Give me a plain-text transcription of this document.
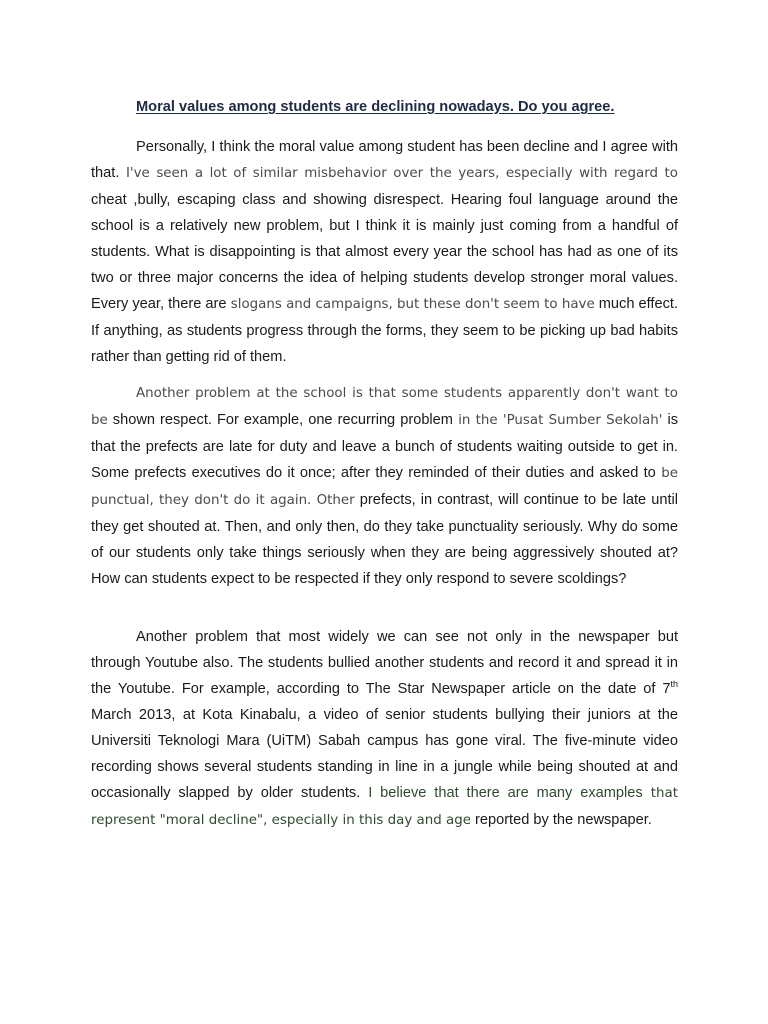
Moral values among students are declining nowadays. Do you agree.

Personally, I think the moral value among student has been decline and I agree with that. I've seen a lot of similar misbehavior over the years, especially with regard to cheat ,bully, escaping class and showing disrespect. Hearing foul language around the school is a relatively new problem, but I think it is mainly just coming from a handful of students. What is disappointing is that almost every year the school has had as one of its two or three major concerns the idea of helping students develop stronger moral values. Every year, there are slogans and campaigns, but these don't seem to have much effect. If anything, as students progress through the forms, they seem to be picking up bad habits rather than getting rid of them.

Another problem at the school is that some students apparently don't want to be shown respect. For example, one recurring problem in the 'Pusat Sumber Sekolah' is that the prefects are late for duty and leave a bunch of students waiting outside to get in. Some prefects executives do it once; after they reminded of their duties and asked to be punctual, they don't do it again. Other prefects, in contrast, will continue to be late until they get shouted at. Then, and only then, do they take punctuality seriously. Why do some of our students only take things seriously when they are being aggressively shouted at? How can students expect to be respected if they only respond to severe scoldings?

Another problem that most widely we can see not only in the newspaper but through Youtube also. The students bullied another students and record it and spread it in the Youtube. For example, according to The Star Newspaper article on the date of 7th March 2013, at Kota Kinabalu, a video of senior students bullying their juniors at the Universiti Teknologi Mara (UiTM) Sabah campus has gone viral. The five-minute video recording shows several students standing in line in a jungle while being shouted at and occasionally slapped by older students. I believe that there are many examples that represent "moral decline", especially in this day and age reported by the newspaper.
